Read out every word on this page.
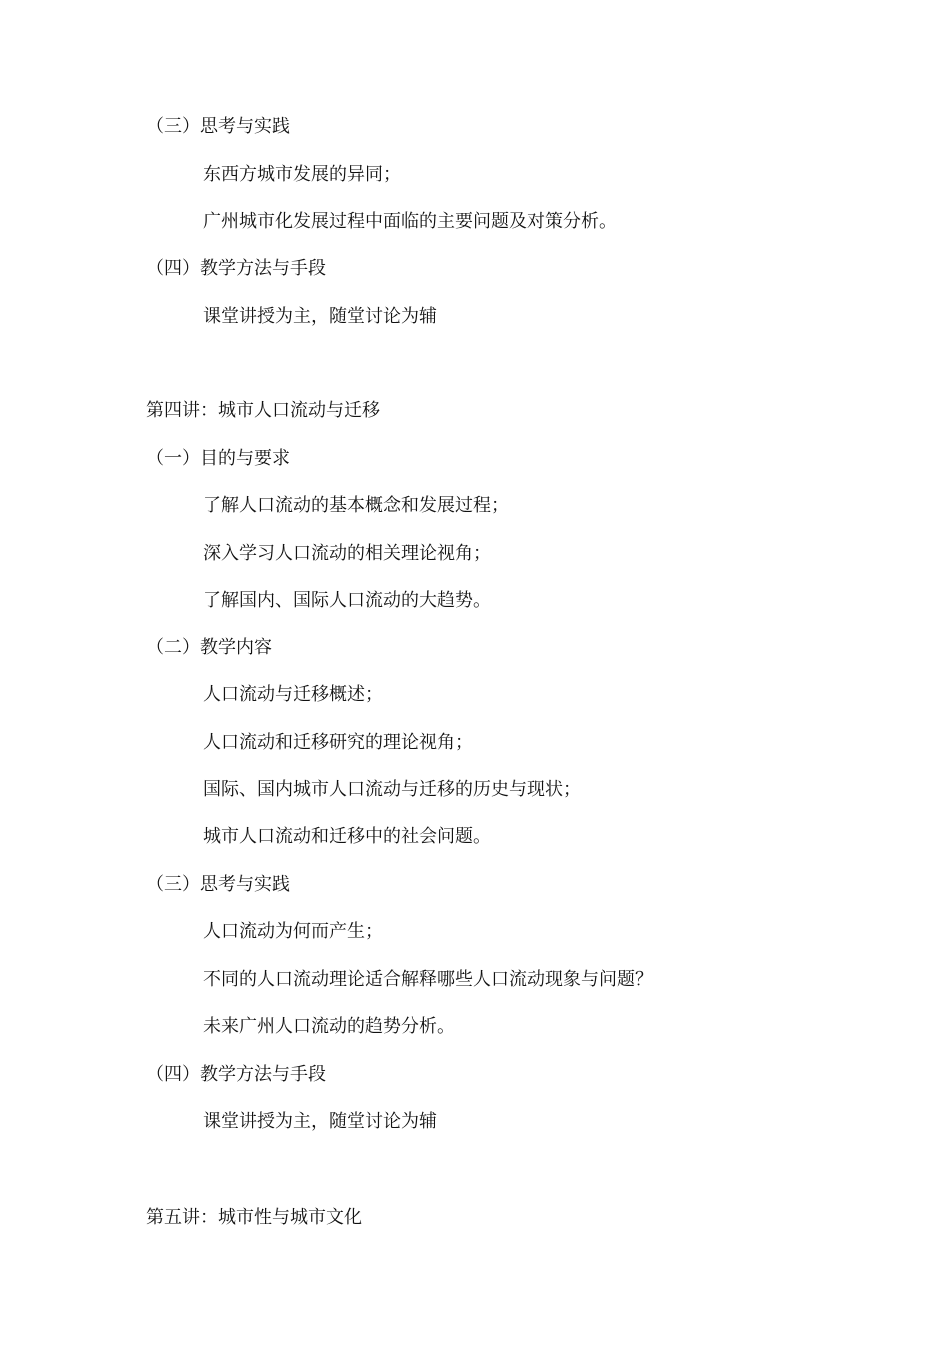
（三）思考与实践
东西方城市发展的异同；
广州城市化发展过程中面临的主要问题及对策分析。
（四）教学方法与手段
课堂讲授为主，随堂讨论为辅
第四讲：城市人口流动与迁移
（一）目的与要求
了解人口流动的基本概念和发展过程；
深入学习人口流动的相关理论视角；
了解国内、国际人口流动的大趋势。
（二）教学内容
人口流动与迁移概述；
人口流动和迁移研究的理论视角；
国际、国内城市人口流动与迁移的历史与现状；
城市人口流动和迁移中的社会问题。
（三）思考与实践
人口流动为何而产生；
不同的人口流动理论适合解释哪些人口流动现象与问题？
未来广州人口流动的趋势分析。
（四）教学方法与手段
课堂讲授为主，随堂讨论为辅
第五讲：城市性与城市文化
